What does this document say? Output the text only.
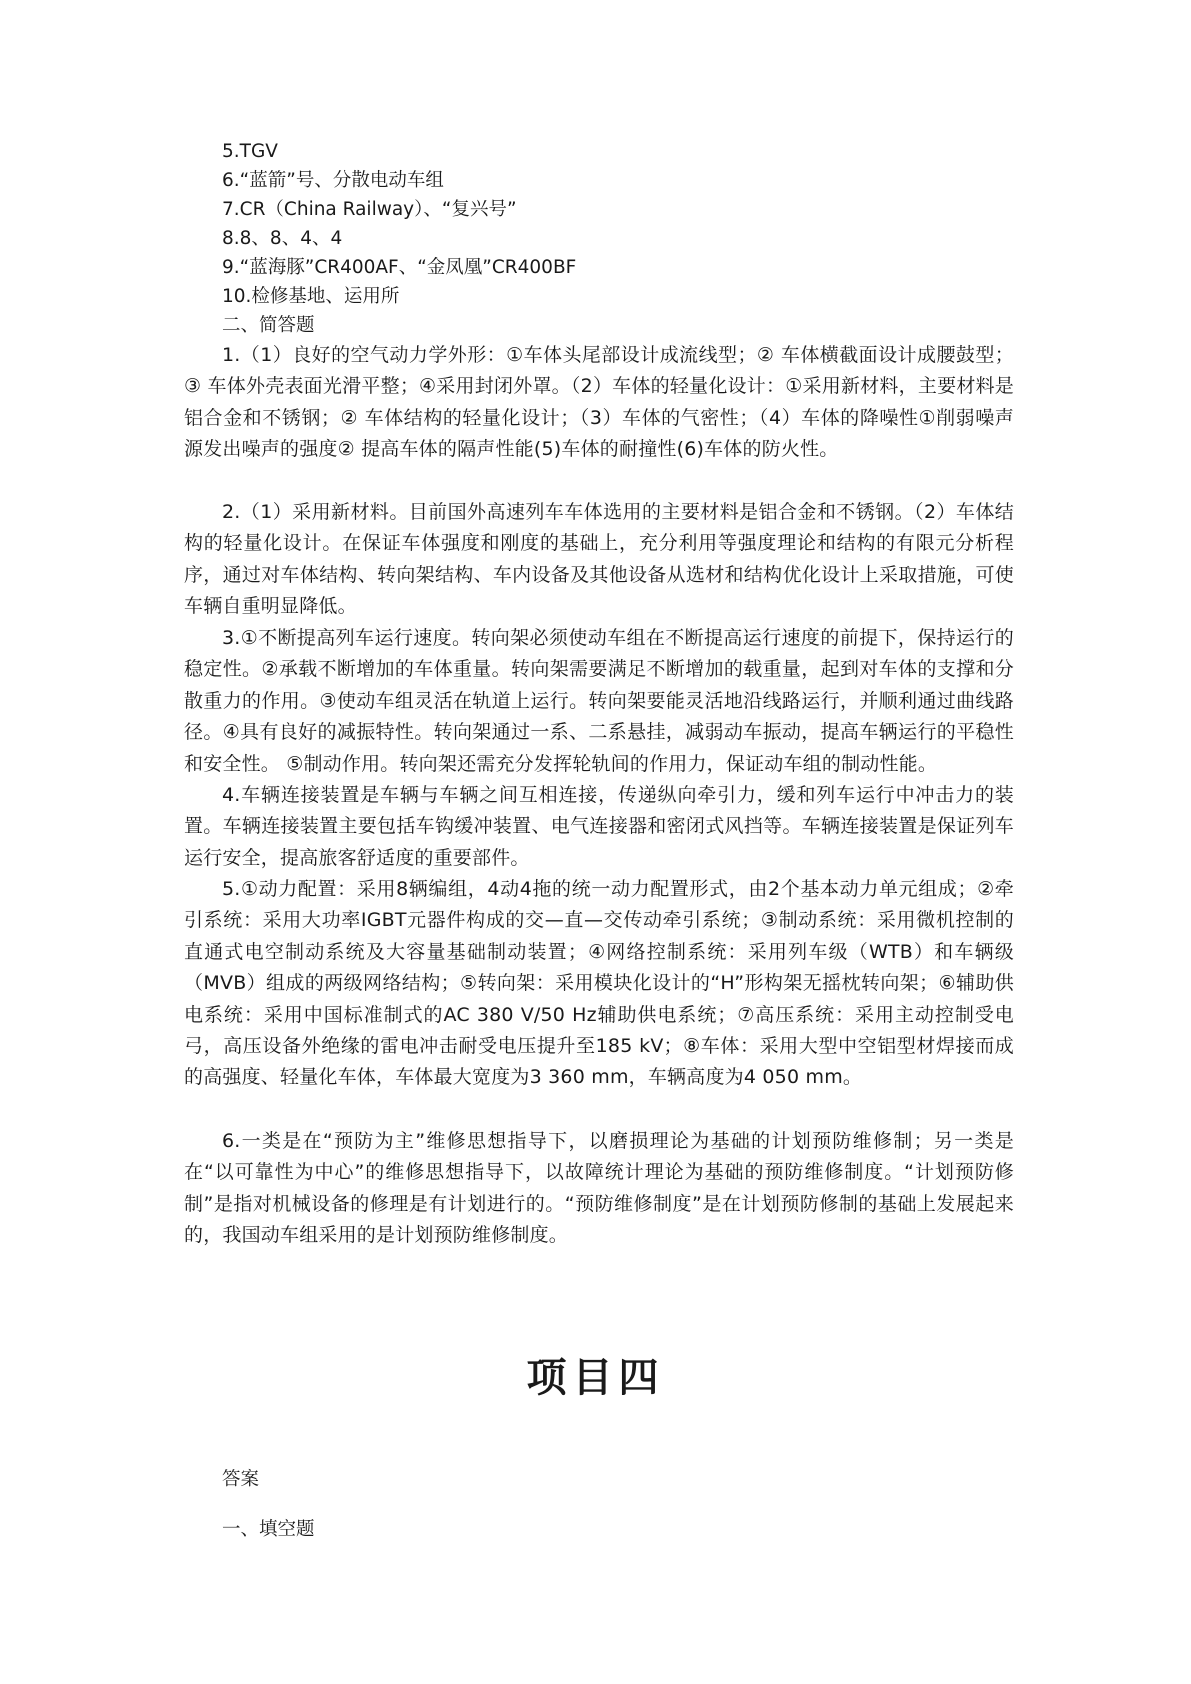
5.TGV
6.“蓝箭”号、分散电动车组
7.CR（China Railway）、“复兴号”
8.8、8、4、4
9.“蓝海豚”CR400AF、“金凤凰”CR400BF
10.检修基地、运用所
二、简答题
1.（1）良好的空气动力学外形：①车体头尾部设计成流线型；② 车体横截面设计成腰鼓型；③ 车体外壳表面光滑平整；④采用封闭外罩。（2）车体的轻量化设计：①采用新材料，主要材料是铝合金和不锈钢；② 车体结构的轻量化设计；（3）车体的气密性；（4）车体的降噪性①削弱噪声源发出噪声的强度② 提高车体的隔声性能(5)车体的耐撞性(6)车体的防火性。
2.（1）采用新材料。目前国外高速列车车体选用的主要材料是铝合金和不锈钢。（2）车体结构的轻量化设计。在保证车体强度和刚度的基础上，充分利用等强度理论和结构的有限元分析程序，通过对车体结构、转向架结构、车内设备及其他设备从选材和结构优化设计上采取措施，可使车辆自重明显降低。
3.①不断提高列车运行速度。转向架必须使动车组在不断提高运行速度的前提下，保持运行的稳定性。②承载不断增加的车体重量。转向架需要满足不断增加的载重量，起到对车体的支撑和分散重力的作用。③使动车组灵活在轨道上运行。转向架要能灵活地沿线路运行，并顺利通过曲线路径。④具有良好的减振特性。转向架通过一系、二系悬挂，减弱动车振动，提高车辆运行的平稳性和安全性。 ⑤制动作用。转向架还需充分发挥轮轨间的作用力，保证动车组的制动性能。
4.车辆连接装置是车辆与车辆之间互相连接，传递纵向牵引力，缓和列车运行中冲击力的装置。车辆连接装置主要包括车钩缓冲装置、电气连接器和密闭式风挡等。车辆连接装置是保证列车运行安全，提高旅客舒适度的重要部件。
5.①动力配置：采用8辆编组，4动4拖的统一动力配置形式，由2个基本动力单元组成；②牵引系统：采用大功率IGBT元器件构成的交—直—交传动牵引系统；③制动系统：采用微机控制的直通式电空制动系统及大容量基础制动装置；④网络控制系统：采用列车级（WTB）和车辆级（MVB）组成的两级网络结构；⑤转向架：采用模块化设计的“H”形构架无摇枕转向架；⑥辅助供电系统：采用中国标准制式的AC 380 V/50 Hz辅助供电系统；⑦高压系统：采用主动控制受电弓，高压设备外绝缘的雷电冲击耐受电压提升至185 kV；⑧车体：采用大型中空铝型材焊接而成的高强度、轻量化车体，车体最大宽度为3 360 mm，车辆高度为4 050 mm。
6.一类是在“预防为主”维修思想指导下，以磨损理论为基础的计划预防维修制；另一类是在“以可靠性为中心”的维修思想指导下，以故障统计理论为基础的预防维修制度。“计划预防修制”是指对机械设备的修理是有计划进行的。“预防维修制度”是在计划预防修制的基础上发展起来的，我国动车组采用的是计划预防维修制度。
项目四
答案
一、填空题
